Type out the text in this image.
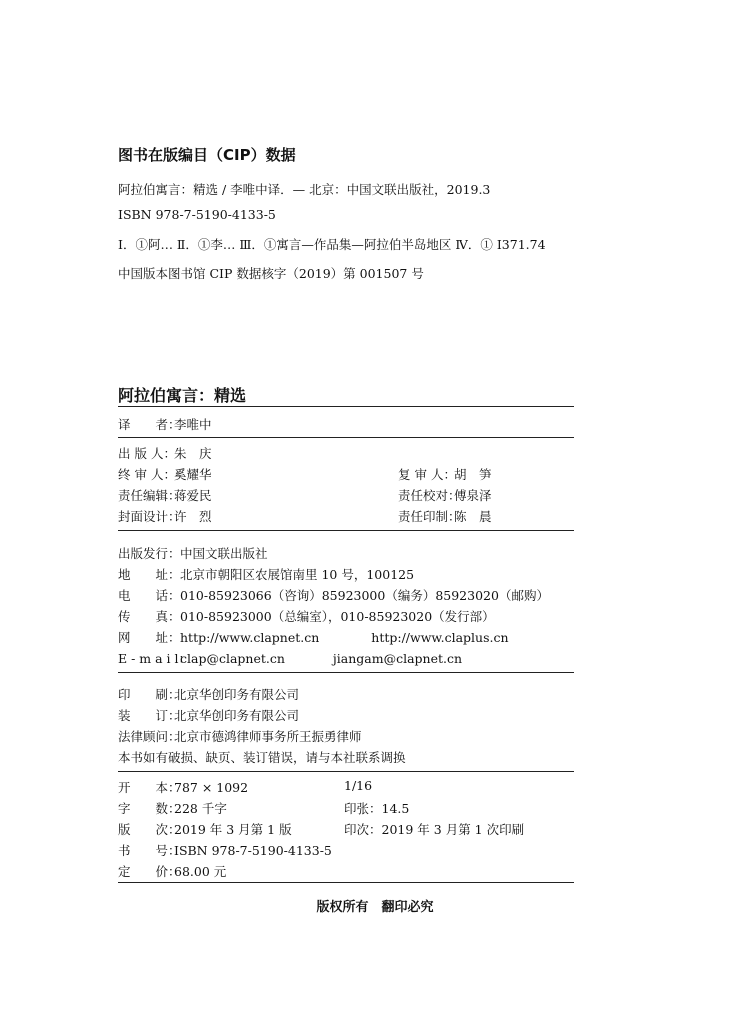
图书在版编目（CIP）数据
阿拉伯寓言：精选 / 李唯中译．— 北京：中国文联出版社，2019.3
ISBN 978-7-5190-4133-5
Ⅰ．①阿… Ⅱ．①李… Ⅲ．①寓言—作品集—阿拉伯半岛地区 Ⅳ．① I371.74
中国版本图书馆 CIP 数据核字（2019）第 001507 号
阿拉伯寓言：精选
译　　者：李唯中
出 版 人：朱　庆
终 审 人：奚耀华	复 审 人：胡　笋
责任编辑：蒋爱民	责任校对：傅泉泽
封面设计：许　烈	责任印制：陈　晨
出版发行：中国文联出版社
地　　址：北京市朝阳区农展馆南里 10 号，100125
电　　话：010-85923066（咨询）85923000（编务）85923020（邮购）
传　　真：010-85923000（总编室），010-85923020（发行部）
网　　址：http://www.clapnet.cn	http://www.claplus.cn
E - m a i l：clap@clapnet.cn	jiangam@clapnet.cn
印　　刷：北京华创印务有限公司
装　　订：北京华创印务有限公司
法律顾问：北京市德鸿律师事务所王振勇律师
本书如有破损、缺页、装订错误，请与本社联系调换
开　　本：787 × 1092	1/16
字　　数：228 千字	印张：14.5
版　　次：2019 年 3 月第 1 版	印次：2019 年 3 月第 1 次印刷
书　　号：ISBN 978-7-5190-4133-5
定　　价：68.00 元
版权所有　翻印必究
